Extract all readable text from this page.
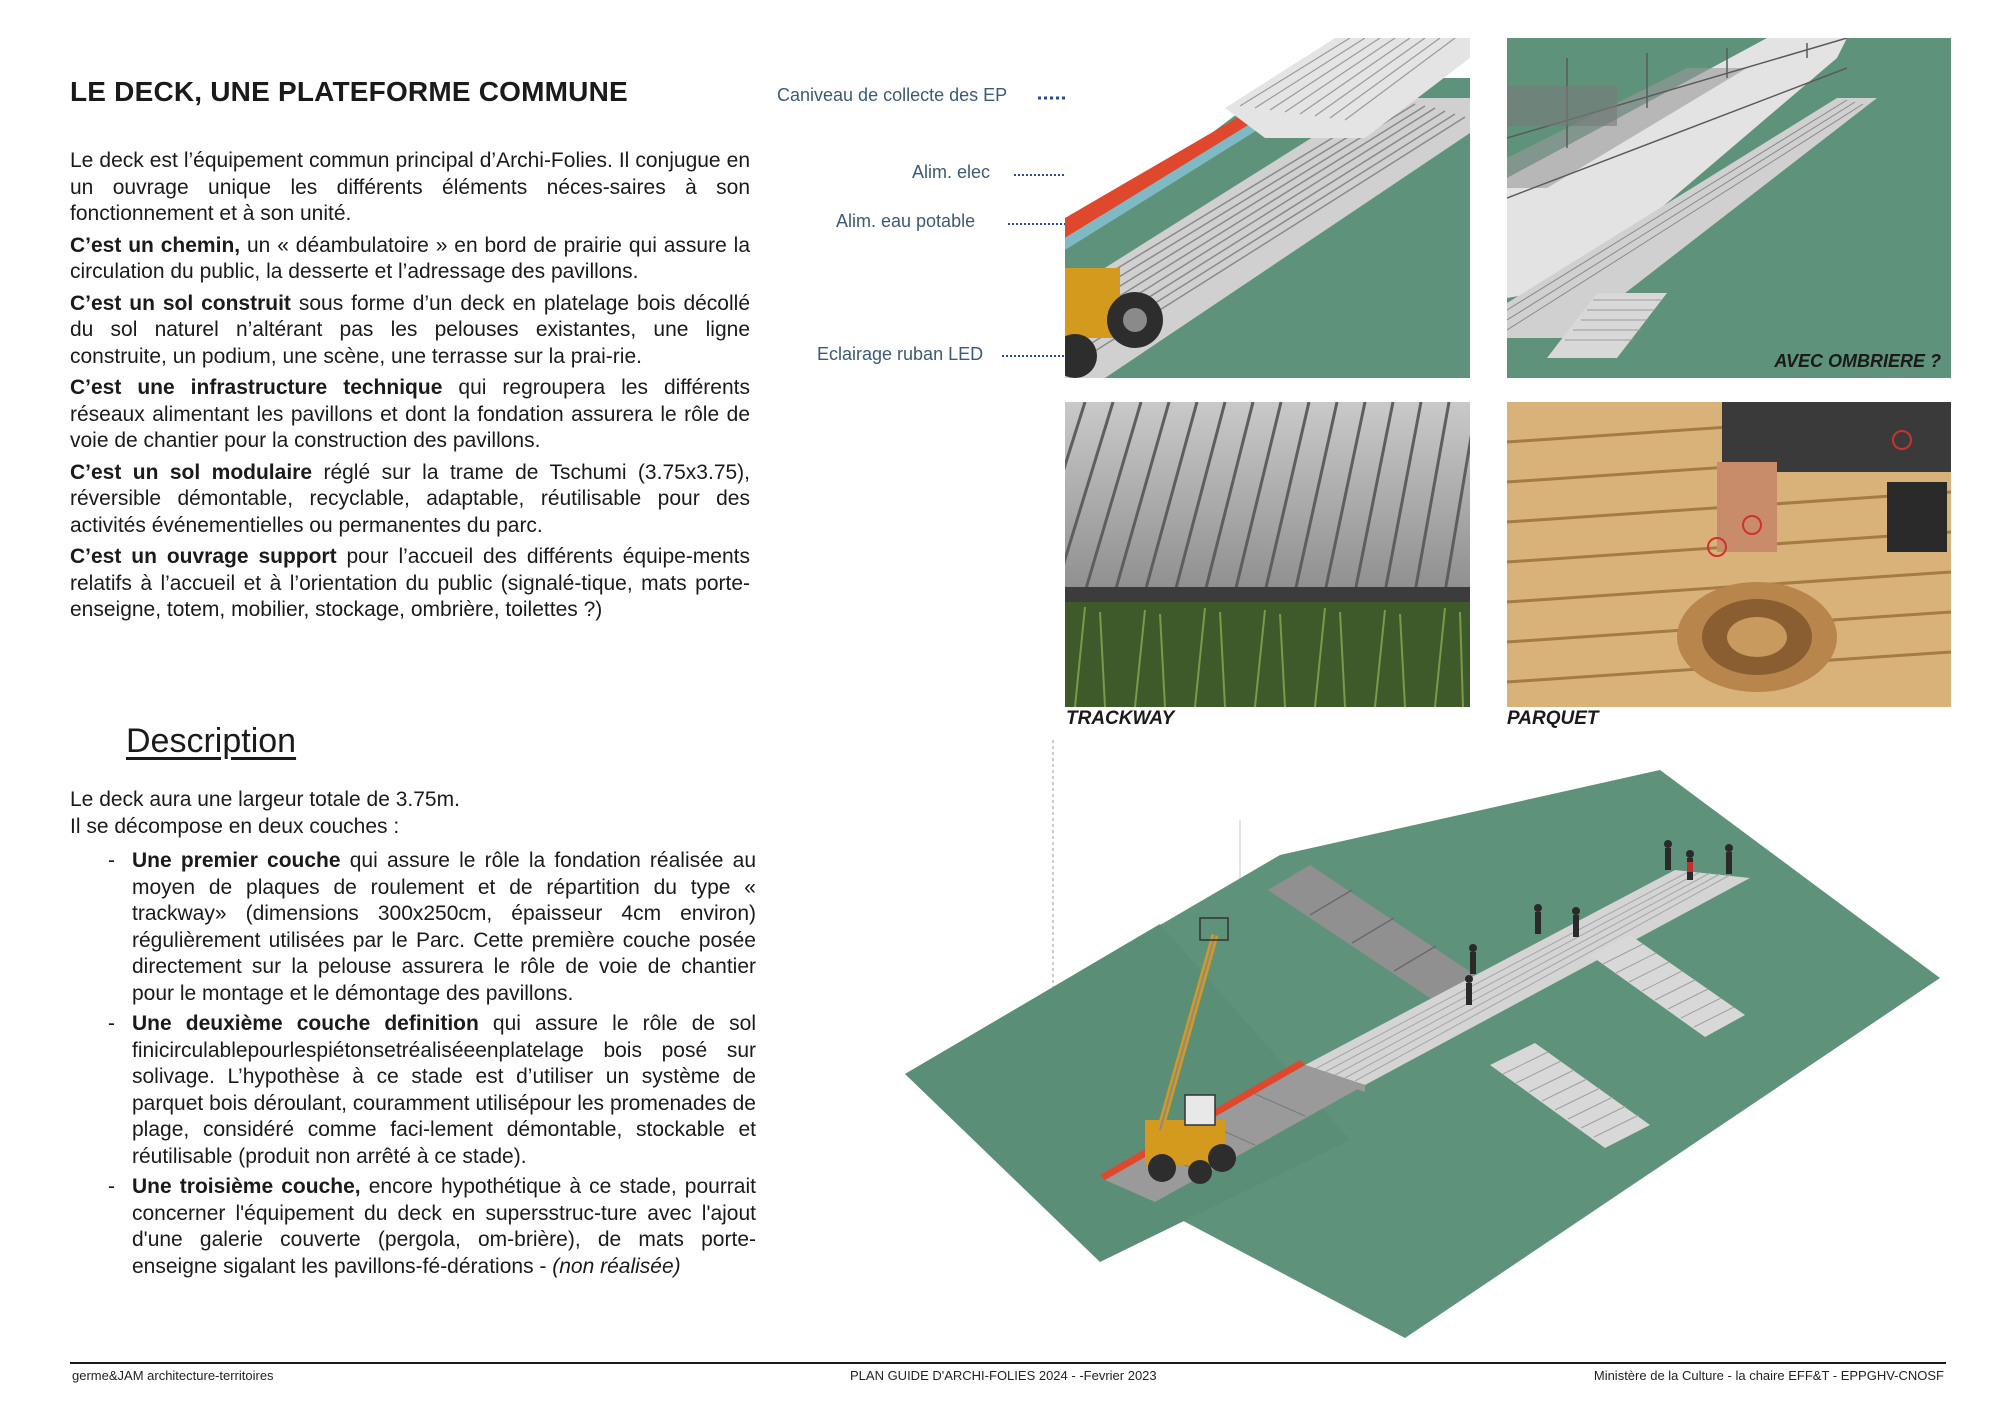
LE DECK, UNE PLATEFORME COMMUNE

Le deck est l’équipement commun principal d’Archi-Folies. Il conjugue en un ouvrage unique les différents éléments néces-saires à son fonctionnement et à son unité.

C’est un chemin, un « déambulatoire » en bord de prairie qui assure la circulation du public, la desserte et l’adressage des pavillons.

C’est un sol construit sous forme d’un deck en platelage bois décollé du sol naturel n’altérant pas les pelouses existantes, une ligne construite, un podium, une scène, une terrasse sur la prai-rie.

C’est une infrastructure technique qui regroupera les différents réseaux alimentant les pavillons et dont la fondation assurera le rôle de voie de chantier pour la construction des pavillons.

C’est un sol modulaire réglé sur la trame de Tschumi (3.75x3.75), réversible démontable, recyclable, adaptable, réutilisable pour des activités événementielles ou permanentes du parc.

C’est un ouvrage support pour l’accueil des différents équipe-ments relatifs à l’accueil et à l’orientation du public (signalé-tique, mats porte-enseigne, totem, mobilier, stockage, ombrière, toilettes ?)

Description

Le deck aura une largeur totale de 3.75m.

Il se décompose en deux couches :

- Une premier couche qui assure le rôle la fondation réalisée au moyen de plaques de roulement et de répartition du type « trackway» (dimensions 300x250cm, épaisseur 4cm environ) régulièrement utilisées par le Parc. Cette première couche posée directement sur la pelouse assurera le rôle de voie de chantier pour le montage et le démontage des pavillons.
- Une deuxième couche definition qui assure le rôle de sol finicirculablepourlespiétonsetréaliséeenplatelage bois posé sur solivage. L’hypothèse à ce stade est d’utiliser un système de parquet bois déroulant, couramment utilisépour les promenades de plage, considéré comme faci-lement démontable, stockable et réutilisable (produit non arrêté à ce stade).
- Une troisième couche, encore hypothétique à ce stade, pourrait concerner l'équipement du deck en supersstruc-ture avec l'ajout d'une galerie couverte (pergola, om-brière), de mats porte-enseigne sigalant les pavillons-fé-dérations - (non réalisée)
Caniveau de collecte des EP
Alim. elec
Alim. eau potable
Eclairage ruban LED	AVEC OMBRIERE ?
TRACKWAY	PARQUET
germe&JAM architecture-territoires	PLAN GUIDE D'ARCHI-FOLIES 2024 - -Fevrier 2023	Ministère de la Culture - la chaire EFF&T - EPPGHV-CNOSF
